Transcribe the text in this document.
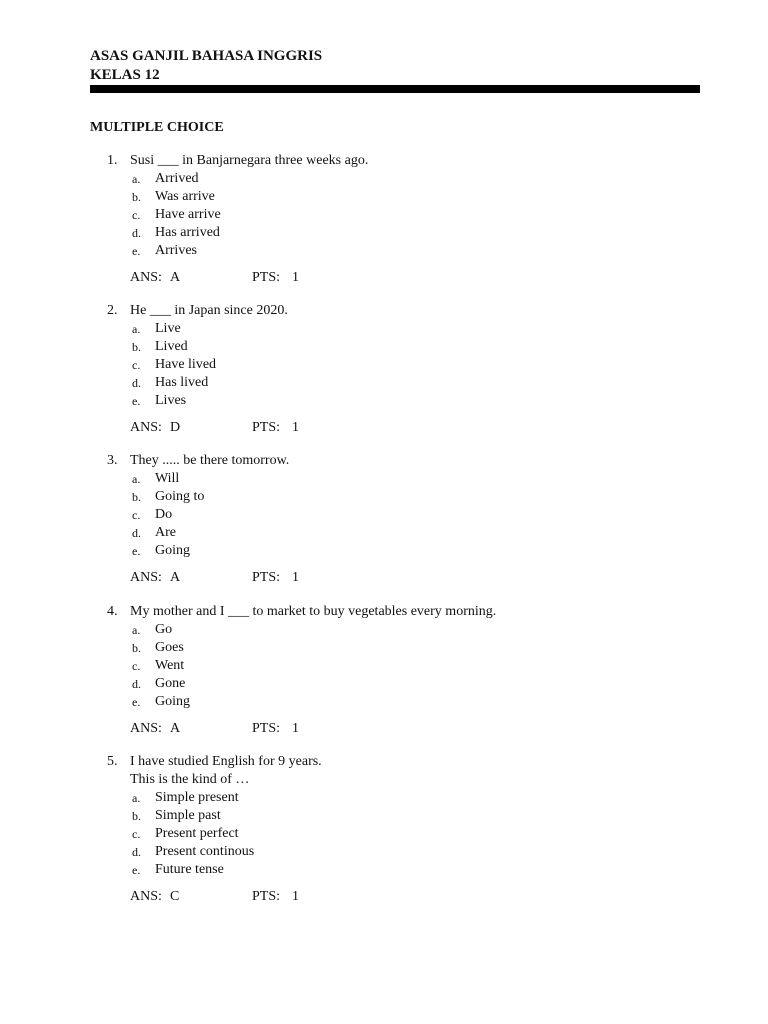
ASAS GANJIL BAHASA INGGRIS
KELAS 12
MULTIPLE CHOICE
1. Susi ___ in Banjarnegara three weeks ago.
a.	Arrived
b.	Was arrive
c.	Have arrive
d.	Has arrived
e.	Arrives
ANS: A	PTS: 1
2. He ___ in Japan since 2020.
a.	Live
b.	Lived
c.	Have lived
d.	Has lived
e.	Lives
ANS: D	PTS: 1
3. They ..... be there tomorrow.
a.	Will
b.	Going to
c.	Do
d.	Are
e.	Going
ANS: A	PTS: 1
4. My mother and I ___ to market to buy vegetables every morning.
a.	Go
b.	Goes
c.	Went
d.	Gone
e.	Going
ANS: A	PTS: 1
5. I have studied English for 9 years.
This is the kind of …
a.	Simple present
b.	Simple past
c.	Present perfect
d.	Present continous
e.	Future tense
ANS: C	PTS: 1
